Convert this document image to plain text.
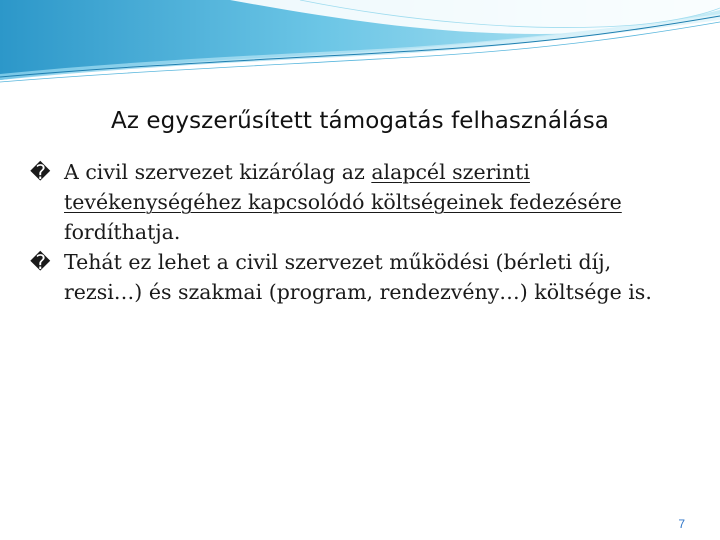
Az egyszerűsített támogatás felhasználása

� A civil szervezet kizárólag az alapcél szerinti tevékenységéhez kapcsolódó költségeinek fedezésére fordíthatja.

� Tehát ez lehet a civil szervezet működési (bérleti díj, rezsi…) és szakmai (program, rendezvény…) költsége is.

7
